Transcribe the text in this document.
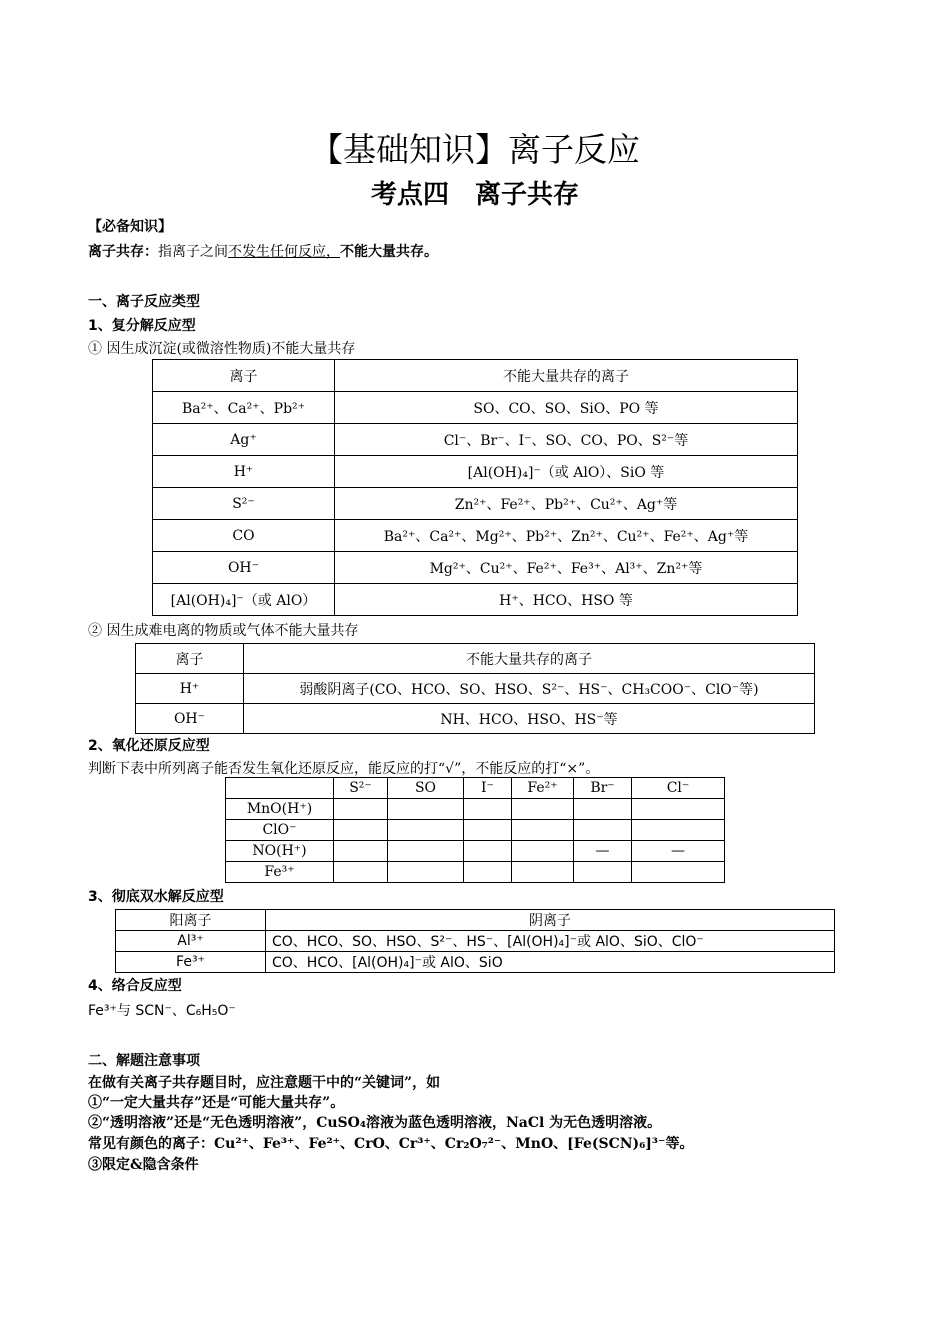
【基础知识】离子反应
考点四　离子共存
【必备知识】
离子共存：指离子之间不发生任何反应，不能大量共存。
一、离子反应类型
1、复分解反应型
① 因生成沉淀(或微溶性物质)不能大量共存
离子	不能大量共存的离子
Ba²⁺、Ca²⁺、Pb²⁺	SO、CO、SO、SiO、PO 等
Ag⁺	Cl⁻、Br⁻、I⁻、SO、CO、PO、S²⁻等
H⁺	[Al(OH)₄]⁻（或 AlO）、SiO 等
S²⁻	Zn²⁺、Fe²⁺、Pb²⁺、Cu²⁺、Ag⁺等
CO	Ba²⁺、Ca²⁺、Mg²⁺、Pb²⁺、Zn²⁺、Cu²⁺、Fe²⁺、Ag⁺等
OH⁻	Mg²⁺、Cu²⁺、Fe²⁺、Fe³⁺、Al³⁺、Zn²⁺等
[Al(OH)₄]⁻（或 AlO）	H⁺、HCO、HSO 等
② 因生成难电离的物质或气体不能大量共存
离子	不能大量共存的离子
H⁺	弱酸阴离子(CO、HCO、SO、HSO、S²⁻、HS⁻、CH₃COO⁻、ClO⁻等)
OH⁻	NH、HCO、HSO、HS⁻等
2、氧化还原反应型
判断下表中所列离子能否发生氧化还原反应，能反应的打“√”，不能反应的打“×”。
	S²⁻	SO	I⁻	Fe²⁺	Br⁻	Cl⁻
MnO(H⁺)						
ClO⁻						
NO(H⁺)					—	—
Fe³⁺						
3、彻底双水解反应型
阳离子	阴离子
Al³⁺	CO、HCO、SO、HSO、S²⁻、HS⁻、[Al(OH)₄]⁻或 AlO、SiO、ClO⁻
Fe³⁺	CO、HCO、[Al(OH)₄]⁻或 AlO、SiO
4、络合反应型
Fe³⁺与 SCN⁻、C₆H₅O⁻
二、解题注意事项
在做有关离子共存题目时，应注意题干中的“关键词”，如
①“一定大量共存”还是“可能大量共存”。
②“透明溶液”还是“无色透明溶液”，CuSO₄溶液为蓝色透明溶液，NaCl 为无色透明溶液。
常见有颜色的离子：Cu²⁺、Fe³⁺、Fe²⁺、CrO、Cr³⁺、Cr₂O₇²⁻、MnO、[Fe(SCN)₆]³⁻等。
③限定&隐含条件
